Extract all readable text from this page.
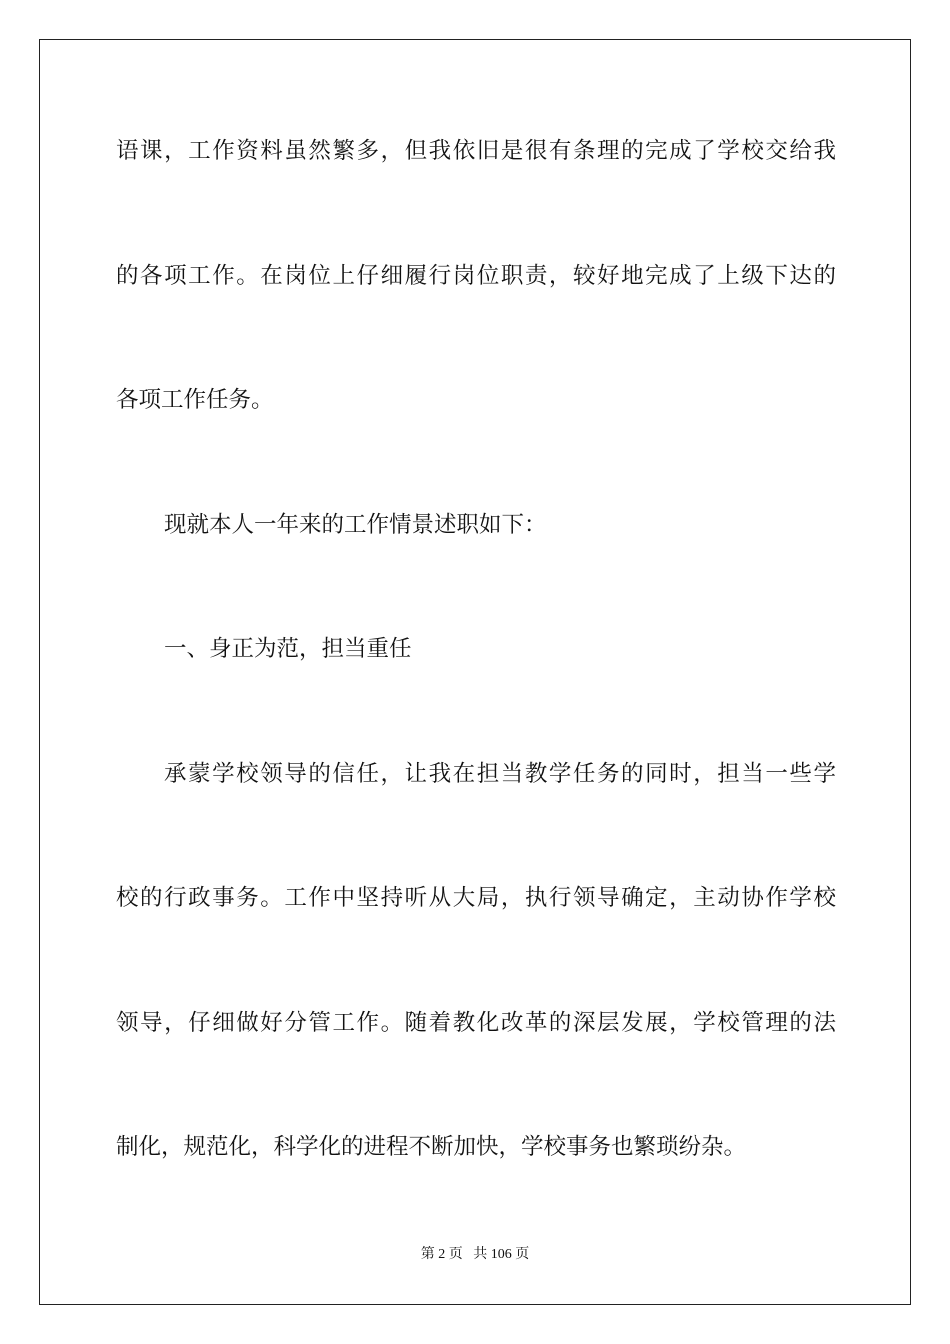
语课，工作资料虽然繁多，但我依旧是很有条理的完成了学校交给我

的各项工作。在岗位上仔细履行岗位职责，较好地完成了上级下达的

各项工作任务。

现就本人一年来的工作情景述职如下：

一、身正为范，担当重任

承蒙学校领导的信任，让我在担当教学任务的同时，担当一些学

校的行政事务。工作中坚持听从大局，执行领导确定，主动协作学校

领导，仔细做好分管工作。随着教化改革的深层发展，学校管理的法

制化，规范化，科学化的进程不断加快，学校事务也繁琐纷杂。

第 2 页   共 106 页
